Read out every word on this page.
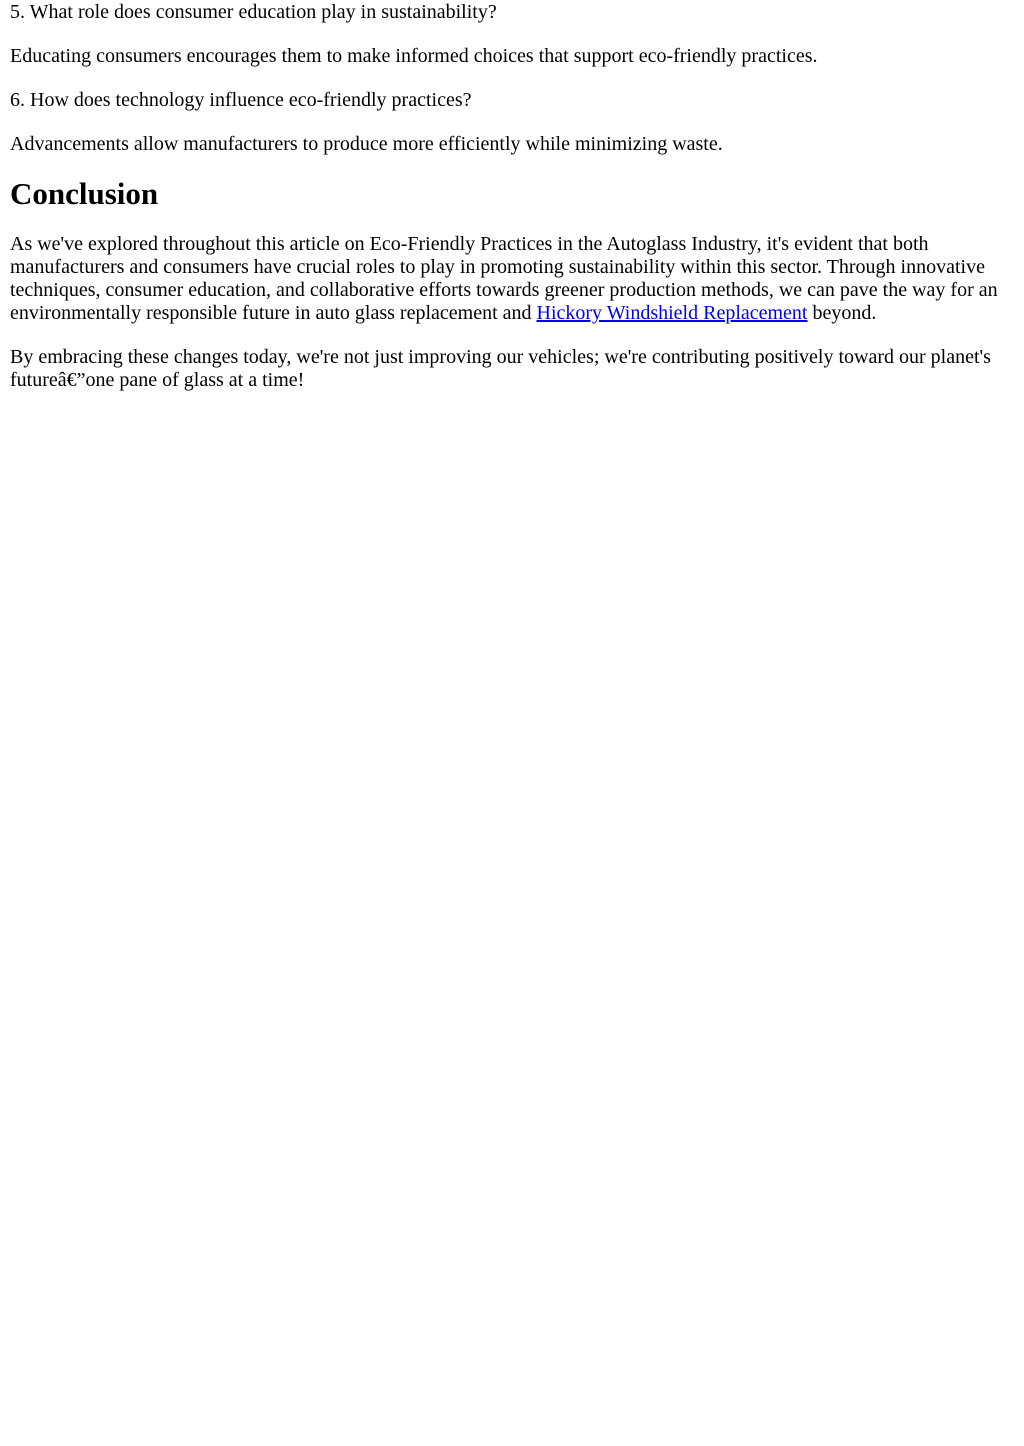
5. What role does consumer education play in sustainability?

Educating consumers encourages them to make informed choices that support eco-friendly practices.

6. How does technology influence eco-friendly practices?

Advancements allow manufacturers to produce more efficiently while minimizing waste.

Conclusion

As we've explored throughout this article on Eco-Friendly Practices in the Autoglass Industry, it's evident that both manufacturers and consumers have crucial roles to play in promoting sustainability within this sector. Through innovative techniques, consumer education, and collaborative efforts towards greener production methods, we can pave the way for an environmentally responsible future in auto glass replacement and Hickory Windshield Replacement beyond.

By embracing these changes today, we're not just improving our vehicles; we're contributing positively toward our planet's futureâ€”one pane of glass at a time!
